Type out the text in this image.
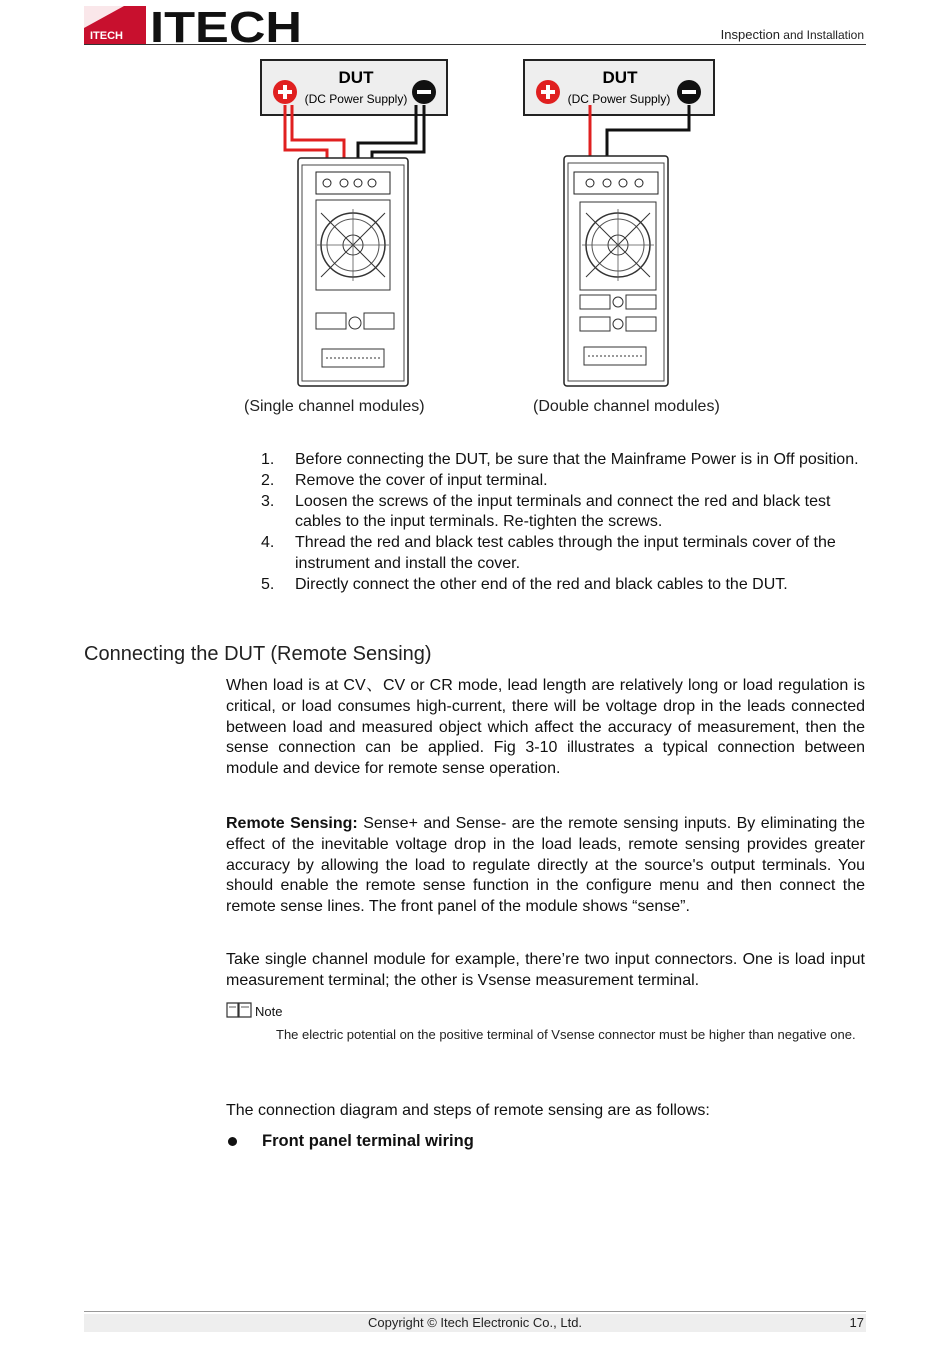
ITECH ITECH	Inspection and Installation
DUT
(DC Power Supply)
DUT
(DC Power Supply)
(Single channel modules)	(Double channel modules)
1. Before connecting the DUT, be sure that the Mainframe Power is in Off position.
2. Remove the cover of input terminal.
3. Loosen the screws of the input terminals and connect the red and black test cables to the input terminals. Re-tighten the screws.
4. Thread the red and black test cables through the input terminals cover of the instrument and install the cover.
5. Directly connect the other end of the red and black cables to the DUT.
Connecting the DUT (Remote Sensing)

When load is at CV、CV or CR mode, lead length are relatively long or load regulation is critical, or load consumes high-current, there will be voltage drop in the leads connected between load and measured object which affect the accuracy of measurement, then the sense connection can be applied. Fig 3-10 illustrates a typical connection between module and device for remote sense operation.

Remote Sensing: Sense+ and Sense- are the remote sensing inputs. By eliminating the effect of the inevitable voltage drop in the load leads, remote sensing provides greater accuracy by allowing the load to regulate directly at the source's output terminals. You should enable the remote sense function in the configure menu and then connect the remote sense lines. The front panel of the module shows “sense”.

Take single channel module for example, there’re two input connectors. One is load input measurement terminal; the other is Vsense measurement terminal.

Note

The electric potential on the positive terminal of Vsense connector must be higher than negative one.

The connection diagram and steps of remote sensing are as follows:

Front panel terminal wiring
Copyright © Itech Electronic Co., Ltd.	17
